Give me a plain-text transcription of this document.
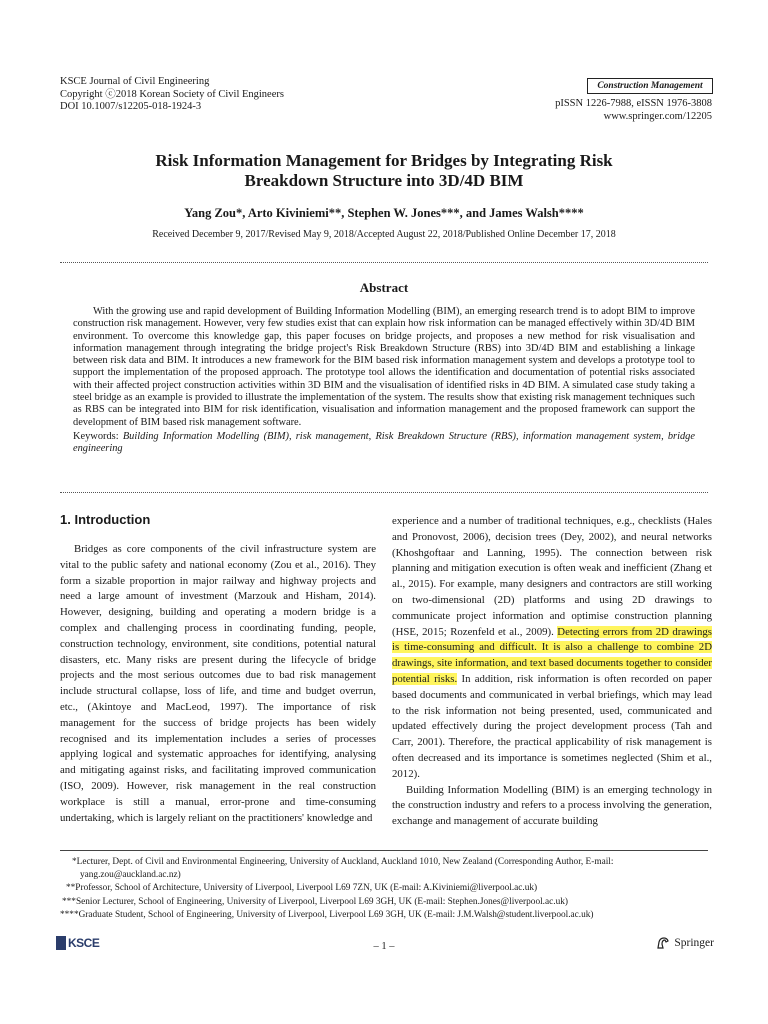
KSCE Journal of Civil Engineering
Copyright ⓒ2018 Korean Society of Civil Engineers
DOI 10.1007/s12205-018-1924-3
Construction Management
pISSN 1226-7988, eISSN 1976-3808
www.springer.com/12205
Risk Information Management for Bridges by Integrating Risk
Breakdown Structure into 3D/4D BIM
Yang Zou*, Arto Kiviniemi**, Stephen W. Jones***, and James Walsh****
Received December 9, 2017/Revised May 9, 2018/Accepted August 22, 2018/Published Online December 17, 2018
Abstract

With the growing use and rapid development of Building Information Modelling (BIM), an emerging research trend is to adopt BIM to improve construction risk management. However, very few studies exist that can explain how risk information can be managed effectively within 3D/4D BIM environment. To overcome this knowledge gap, this paper focuses on bridge projects, and proposes a new method for risk visualisation and information management through integrating the bridge project's Risk Breakdown Structure (RBS) into 3D/4D BIM and establishing a linkage between risk data and BIM. It introduces a new framework for the BIM based risk information management system and develops a prototype tool to support the implementation of the proposed approach. The prototype tool allows the identification and documentation of potential risks associated with their affected project construction activities within 3D BIM and the visualisation of identified risks in 4D BIM. A simulated case study taking a steel bridge as an example is provided to illustrate the implementation of the system. The results show that existing risk management techniques such as RBS can be integrated into BIM for risk identification, visualisation and information management and the proposed framework can support the development of BIM based risk management software.

Keywords: Building Information Modelling (BIM), risk management, Risk Breakdown Structure (RBS), information management system, bridge engineering
1. Introduction

Bridges as core components of the civil infrastructure system are vital to the public safety and national economy (Zou et al., 2016). They form a sizable proportion in major railway and highway projects and need a large amount of investment (Marzouk and Hisham, 2014). However, designing, building and operating a modern bridge is a complex and challenging process in coordinating funding, people, construction technology, environment, site conditions, potential natural disasters, etc. Many risks are present during the lifecycle of bridge projects and the most serious outcomes due to bad risk management include structural collapse, loss of life, and time and budget overrun, etc., (Akintoye and MacLeod, 1997). The importance of risk management for the success of bridge projects has been widely recognised and its implementation includes a series of processes applying logical and systematic approaches for identifying, analysing and mitigating against risks, and facilitating improved communication (ISO, 2009). However, risk management in the real construction workplace is still a manual, error-prone and time-consuming undertaking, which is largely reliant on the practitioners' knowledge and

experience and a number of traditional techniques, e.g., checklists (Hales and Pronovost, 2006), decision trees (Dey, 2002), and neural networks (Khoshgoftaar and Lanning, 1995). The connection between risk planning and mitigation execution is often weak and inefficient (Zhang et al., 2015). For example, many designers and contractors are still working on two-dimensional (2D) platforms and using 2D drawings to communicate project information and optimise construction planning (HSE, 2015; Rozenfeld et al., 2009). Detecting errors from 2D drawings is time-consuming and difficult. It is also a challenge to combine 2D drawings, site information, and text based documents together to consider potential risks. In addition, risk information is often recorded on paper based documents and communicated in verbal briefings, which may lead to the risk information not being presented, used, communicated and updated effectively during the project development process (Tah and Carr, 2001). Therefore, the practical applicability of risk management is often decreased and its importance is sometimes neglected (Shim et al., 2012).

Building Information Modelling (BIM) is an emerging technology in the construction industry and refers to a process involving the generation, exchange and management of accurate building

*Lecturer, Dept. of Civil and Environmental Engineering, University of Auckland, Auckland 1010, New Zealand (Corresponding Author, E-mail:
yang.zou@auckland.ac.nz)
**Professor, School of Architecture, University of Liverpool, Liverpool L69 7ZN, UK (E-mail: A.Kiviniemi@liverpool.ac.uk)
***Senior Lecturer, School of Engineering, University of Liverpool, Liverpool L69 3GH, UK (E-mail: Stephen.Jones@liverpool.ac.uk)
****Graduate Student, School of Engineering, University of Liverpool, Liverpool L69 3GH, UK (E-mail: J.M.Walsh@student.liverpool.ac.uk)
KSCE	– 1 –	Springer
